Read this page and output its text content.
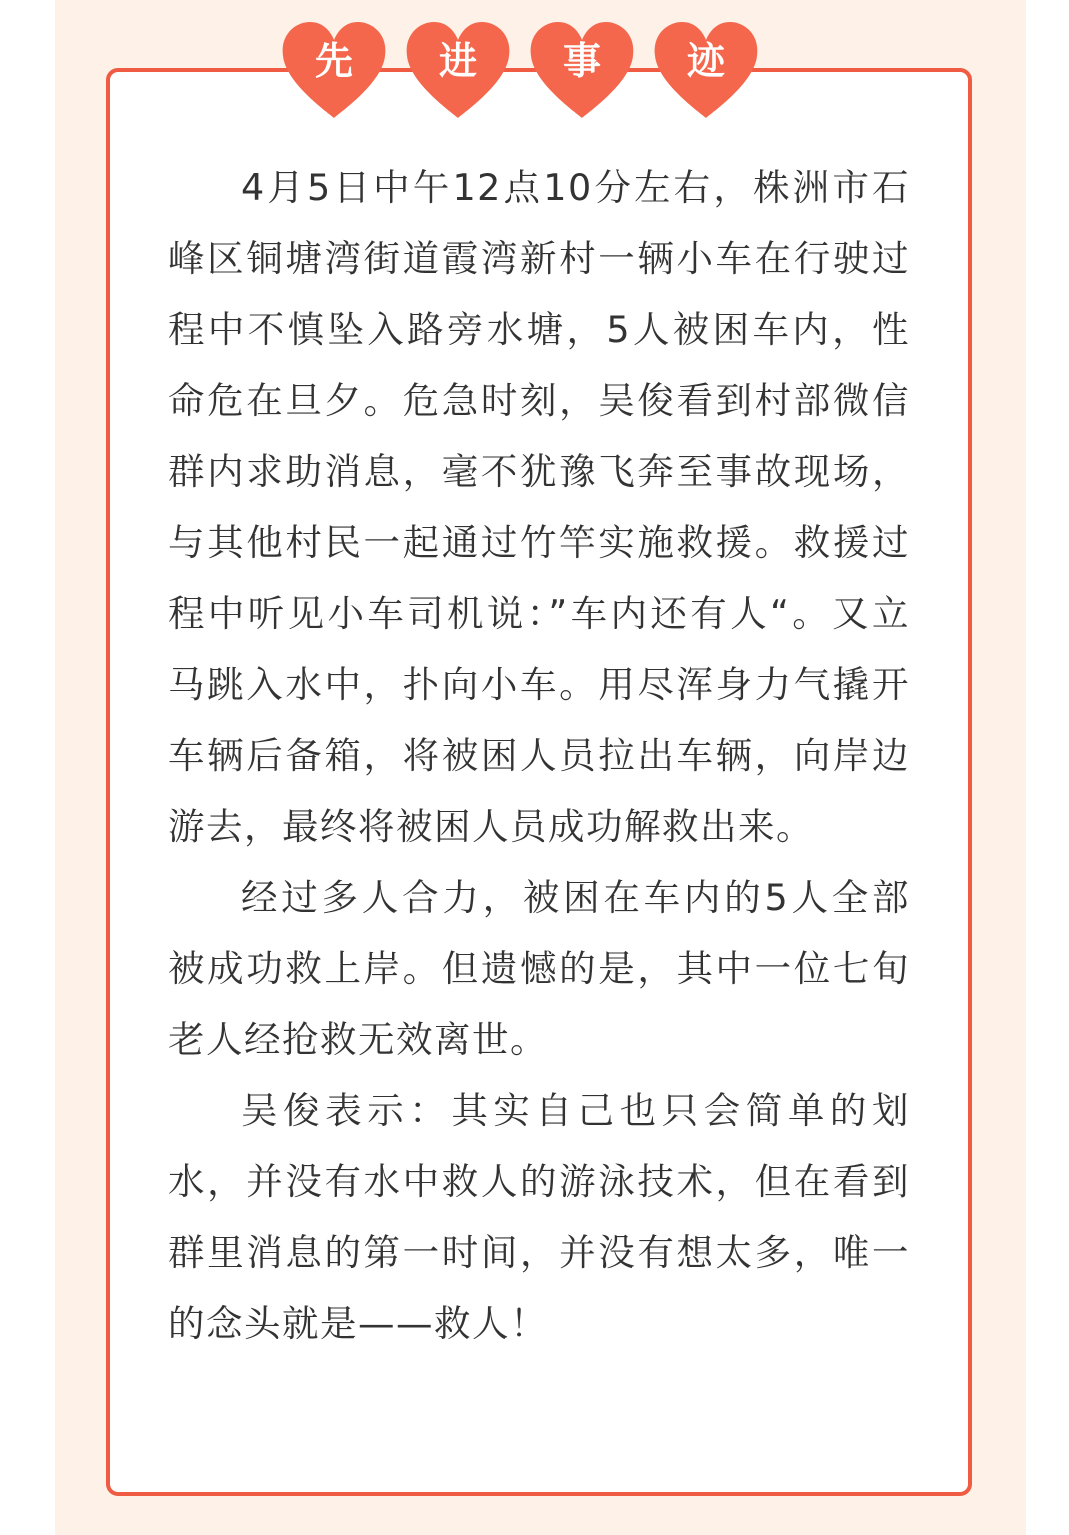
先	进	事	迹

4月5日中午12点10分左右，株洲市石峰区铜塘湾街道霞湾新村一辆小车在行驶过程中不慎坠入路旁水塘，5人被困车内，性命危在旦夕。危急时刻，吴俊看到村部微信群内求助消息，毫不犹豫飞奔至事故现场，与其他村民一起通过竹竿实施救援。救援过程中听见小车司机说：”车内还有人“。又立马跳入水中，扑向小车。用尽浑身力气撬开车辆后备箱，将被困人员拉出车辆，向岸边游去，最终将被困人员成功解救出来。

经过多人合力，被困在车内的5人全部被成功救上岸。但遗憾的是，其中一位七旬老人经抢救无效离世。

吴俊表示：其实自己也只会简单的划水，并没有水中救人的游泳技术，但在看到群里消息的第一时间，并没有想太多，唯一的念头就是——救人！
